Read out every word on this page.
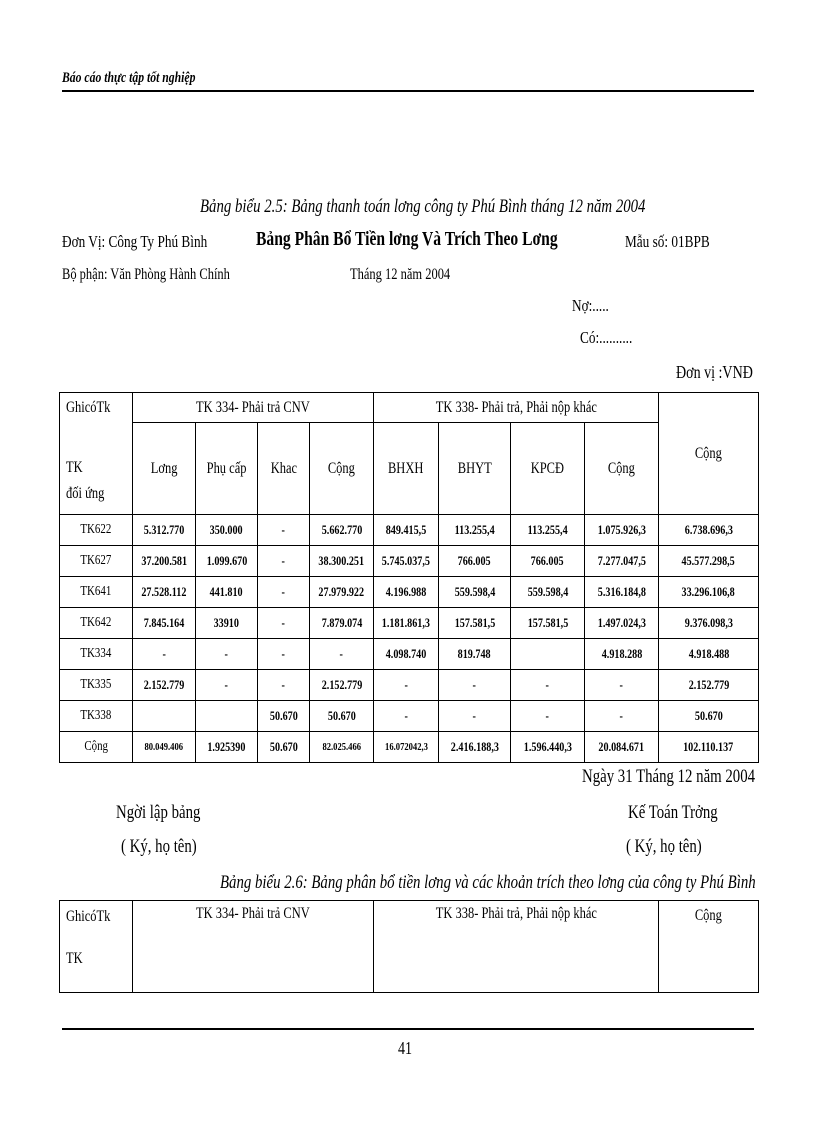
Báo cáo thực tập tốt nghiệp
Bảng biểu 2.5: Bảng thanh toán lơng công ty Phú Bình tháng 12 năm 2004
Đơn Vị: Công Ty Phú Bình Bảng Phân Bổ Tiền lơng Và Trích Theo Lơng	Mẫu số: 01BPB
Bộ phận: Văn Phòng Hành Chính	Tháng 12 năm 2004
Nợ:.....
Có:..........
Đơn vị :VNĐ
GhicóTk	TK 334- Phải trả CNV				TK 338- Phải trả, Phải nộp khác				Cộng
TK
đối ứng	Lơng	Phụ cấp	Khac	Cộng	BHXH	BHYT	KPCĐ	Cộng	
TK622	5.312.770	350.000	-	5.662.770	849.415,5	113.255,4	113.255,4	1.075.926,3	6.738.696,3
TK627	37.200.581	1.099.670	-	38.300.251	5.745.037,5	766.005	766.005	7.277.047,5	45.577.298,5
TK641	27.528.112	441.810	-	27.979.922	4.196.988	559.598,4	559.598,4	5.316.184,8	33.296.106,8
TK642	7.845.164	33910	-	7.879.074	1.181.861,3	157.581,5	157.581,5	1.497.024,3	9.376.098,3
TK334	-	-	-	-	4.098.740	819.748		4.918.288	4.918.488
TK335	2.152.779	-	-	2.152.779	-	-	-	-	2.152.779
TK338			50.670	50.670	-	-	-	-	50.670
Cộng	80.049.406	1.925390	50.670	82.025.466	16.072042,3	2.416.188,3	1.596.440,3	20.084.671	102.110.137
Ngày 31 Tháng 12 năm 2004
Ngời lập bảng	Kế Toán Trởng
( Ký, họ tên)	( Ký, họ tên)
Bảng biểu 2.6: Bảng phân bổ tiền lơng và các khoản trích theo lơng của công ty Phú Bình
GhicóTk
TK	TK 334- Phải trả CNV	TK 338- Phải trả, Phải nộp khác	Cộng
41
